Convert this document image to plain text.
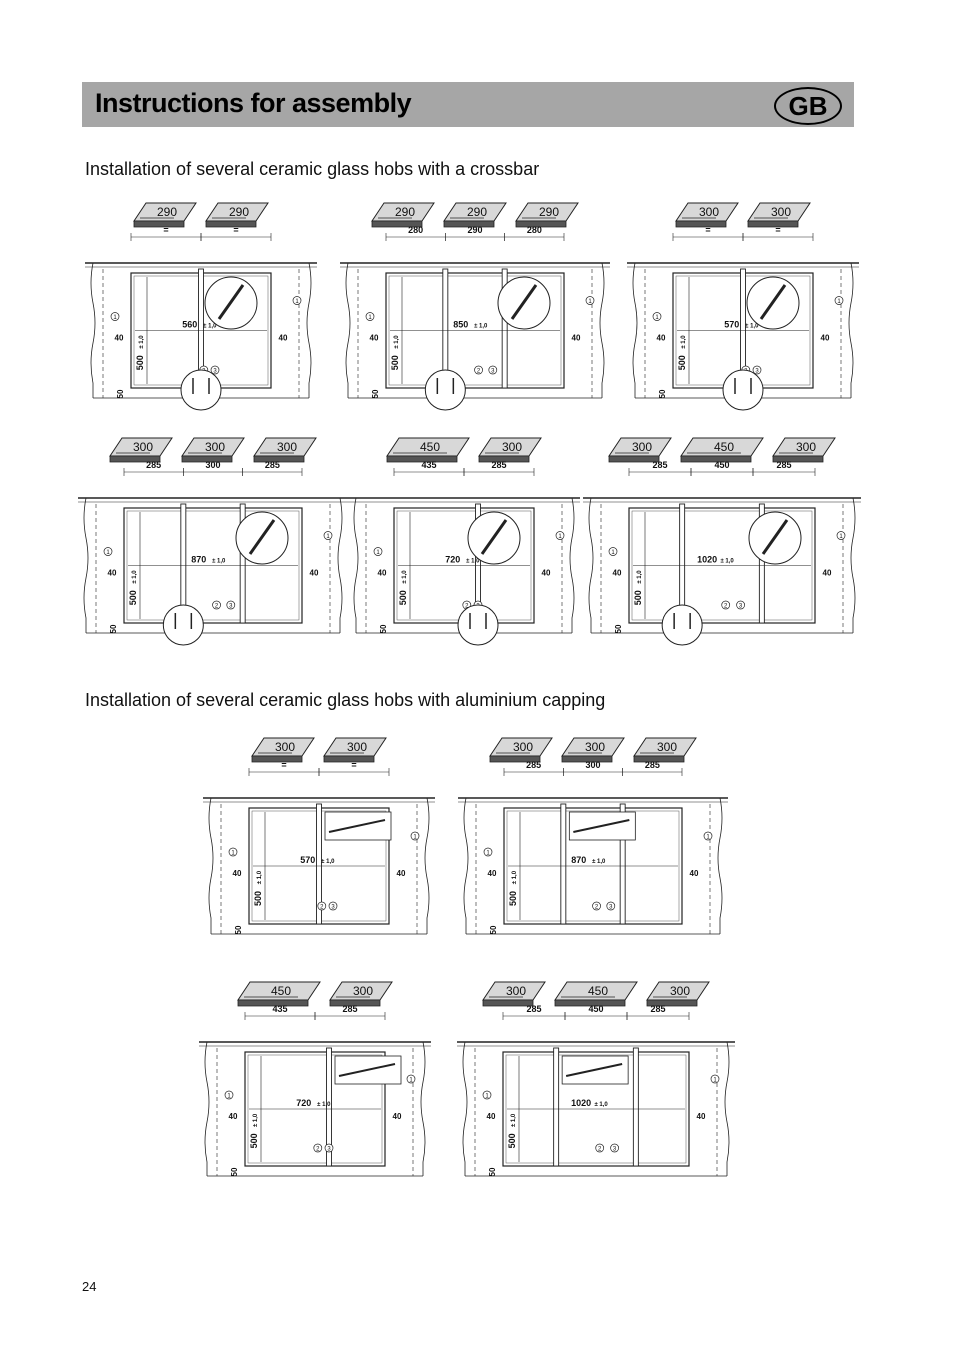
Instructions for assembly	GB
Installation of several ceramic glass hobs with a crossbar
Installation of several ceramic glass hobs with aluminium capping
290	290
=	=
560 ± 1,0
500
± 1,0
50
40	40
1
1
3
290	290	290
280	290	280
850 ± 1,0
500
± 1,0
50
40	40
1
1
2 3
300	300
=	=
570 ± 1,0
500
± 1,0
50
40	40
1
1
3
300	300	300
285	300	285
870 ± 1,0
500
± 1,0
50
40	40
1
1
2 3
450	300
435	285
720 ± 1,0
500
± 1,0
50
40	40
1
1
2
300	450	300
285	450	285
1020 ± 1,0
500
± 1,0
50
40	40
1
1
2 3
300	300
=	=
570 ± 1,0
500
± 1,0
50
40	40
1
1
2 3
300	300	300
285	300	285
870 ± 1,0
500
± 1,0
50
40	40
1
1
2 3
450	300
435	285
720 ± 1,0
500
± 1,0
50
40	40
1
1
2 3
300	450	300
285	450	285
1020 ± 1,0
500
± 1,0
50
40	40
1
1
2 3
24
